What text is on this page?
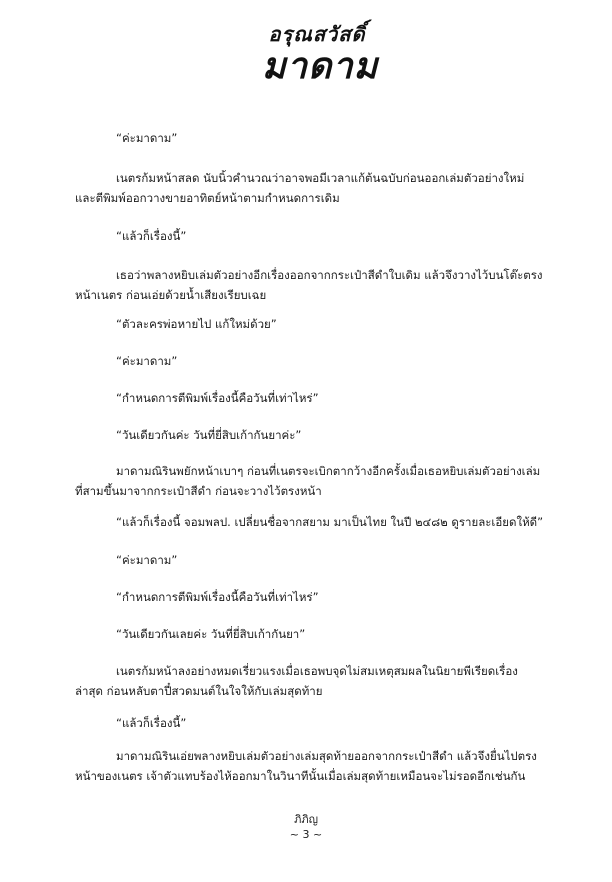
อรุณสวัสดิ์
มาดาม

“ค่ะมาดาม”

เนตรก้มหน้าสลด นับนิ้วคำนวณว่าอาจพอมีเวลาแก้ต้นฉบับก่อนออกเล่มตัวอย่างใหม่ และตีพิมพ์ออกวางขายอาทิตย์หน้าตามกำหนดการเดิม

“แล้วก็เรื่องนี้”

เธอว่าพลางหยิบเล่มตัวอย่างอีกเรื่องออกจากกระเป๋าสีดำใบเดิม แล้วจึงวางไว้บนโต๊ะตรงหน้าเนตร ก่อนเอ่ยด้วยน้ำเสียงเรียบเฉย

“ตัวละครพ่อหายไป แก้ใหม่ด้วย”

“ค่ะมาดาม”

“กำหนดการตีพิมพ์เรื่องนี้คือวันที่เท่าไหร่”

“วันเดียวกันค่ะ วันที่ยี่สิบเก้ากันยาค่ะ”

มาดามณิรินพยักหน้าเบาๆ ก่อนที่เนตรจะเบิกตากว้างอีกครั้งเมื่อเธอหยิบเล่มตัวอย่างเล่มที่สามขึ้นมาจากกระเป๋าสีดำ ก่อนจะวางไว้ตรงหน้า

“แล้วก็เรื่องนี้ จอมพลป. เปลี่ยนชื่อจากสยาม มาเป็นไทย ในปี ๒๔๘๒ ดูรายละเอียดให้ดี”

“ค่ะมาดาม”

“กำหนดการตีพิมพ์เรื่องนี้คือวันที่เท่าไหร่”

“วันเดียวกันเลยค่ะ วันที่ยี่สิบเก้ากันยา”

เนตรก้มหน้าลงอย่างหมดเรี่ยวแรงเมื่อเธอพบจุดไม่สมเหตุสมผลในนิยายพีเรียดเรื่องล่าสุด ก่อนหลับตาปี๋สวดมนต์ในใจให้กับเล่มสุดท้าย

“แล้วก็เรื่องนี้”

มาดามณิรินเอ่ยพลางหยิบเล่มตัวอย่างเล่มสุดท้ายออกจากกระเป๋าสีดำ แล้วจึงยื่นไปตรงหน้าของเนตร เจ้าตัวแทบร้องไห้ออกมาในวินาทีนั้นเมื่อเล่มสุดท้ายเหมือนจะไม่รอดอีกเช่นกัน

ภิภิญ
~ 3 ~
